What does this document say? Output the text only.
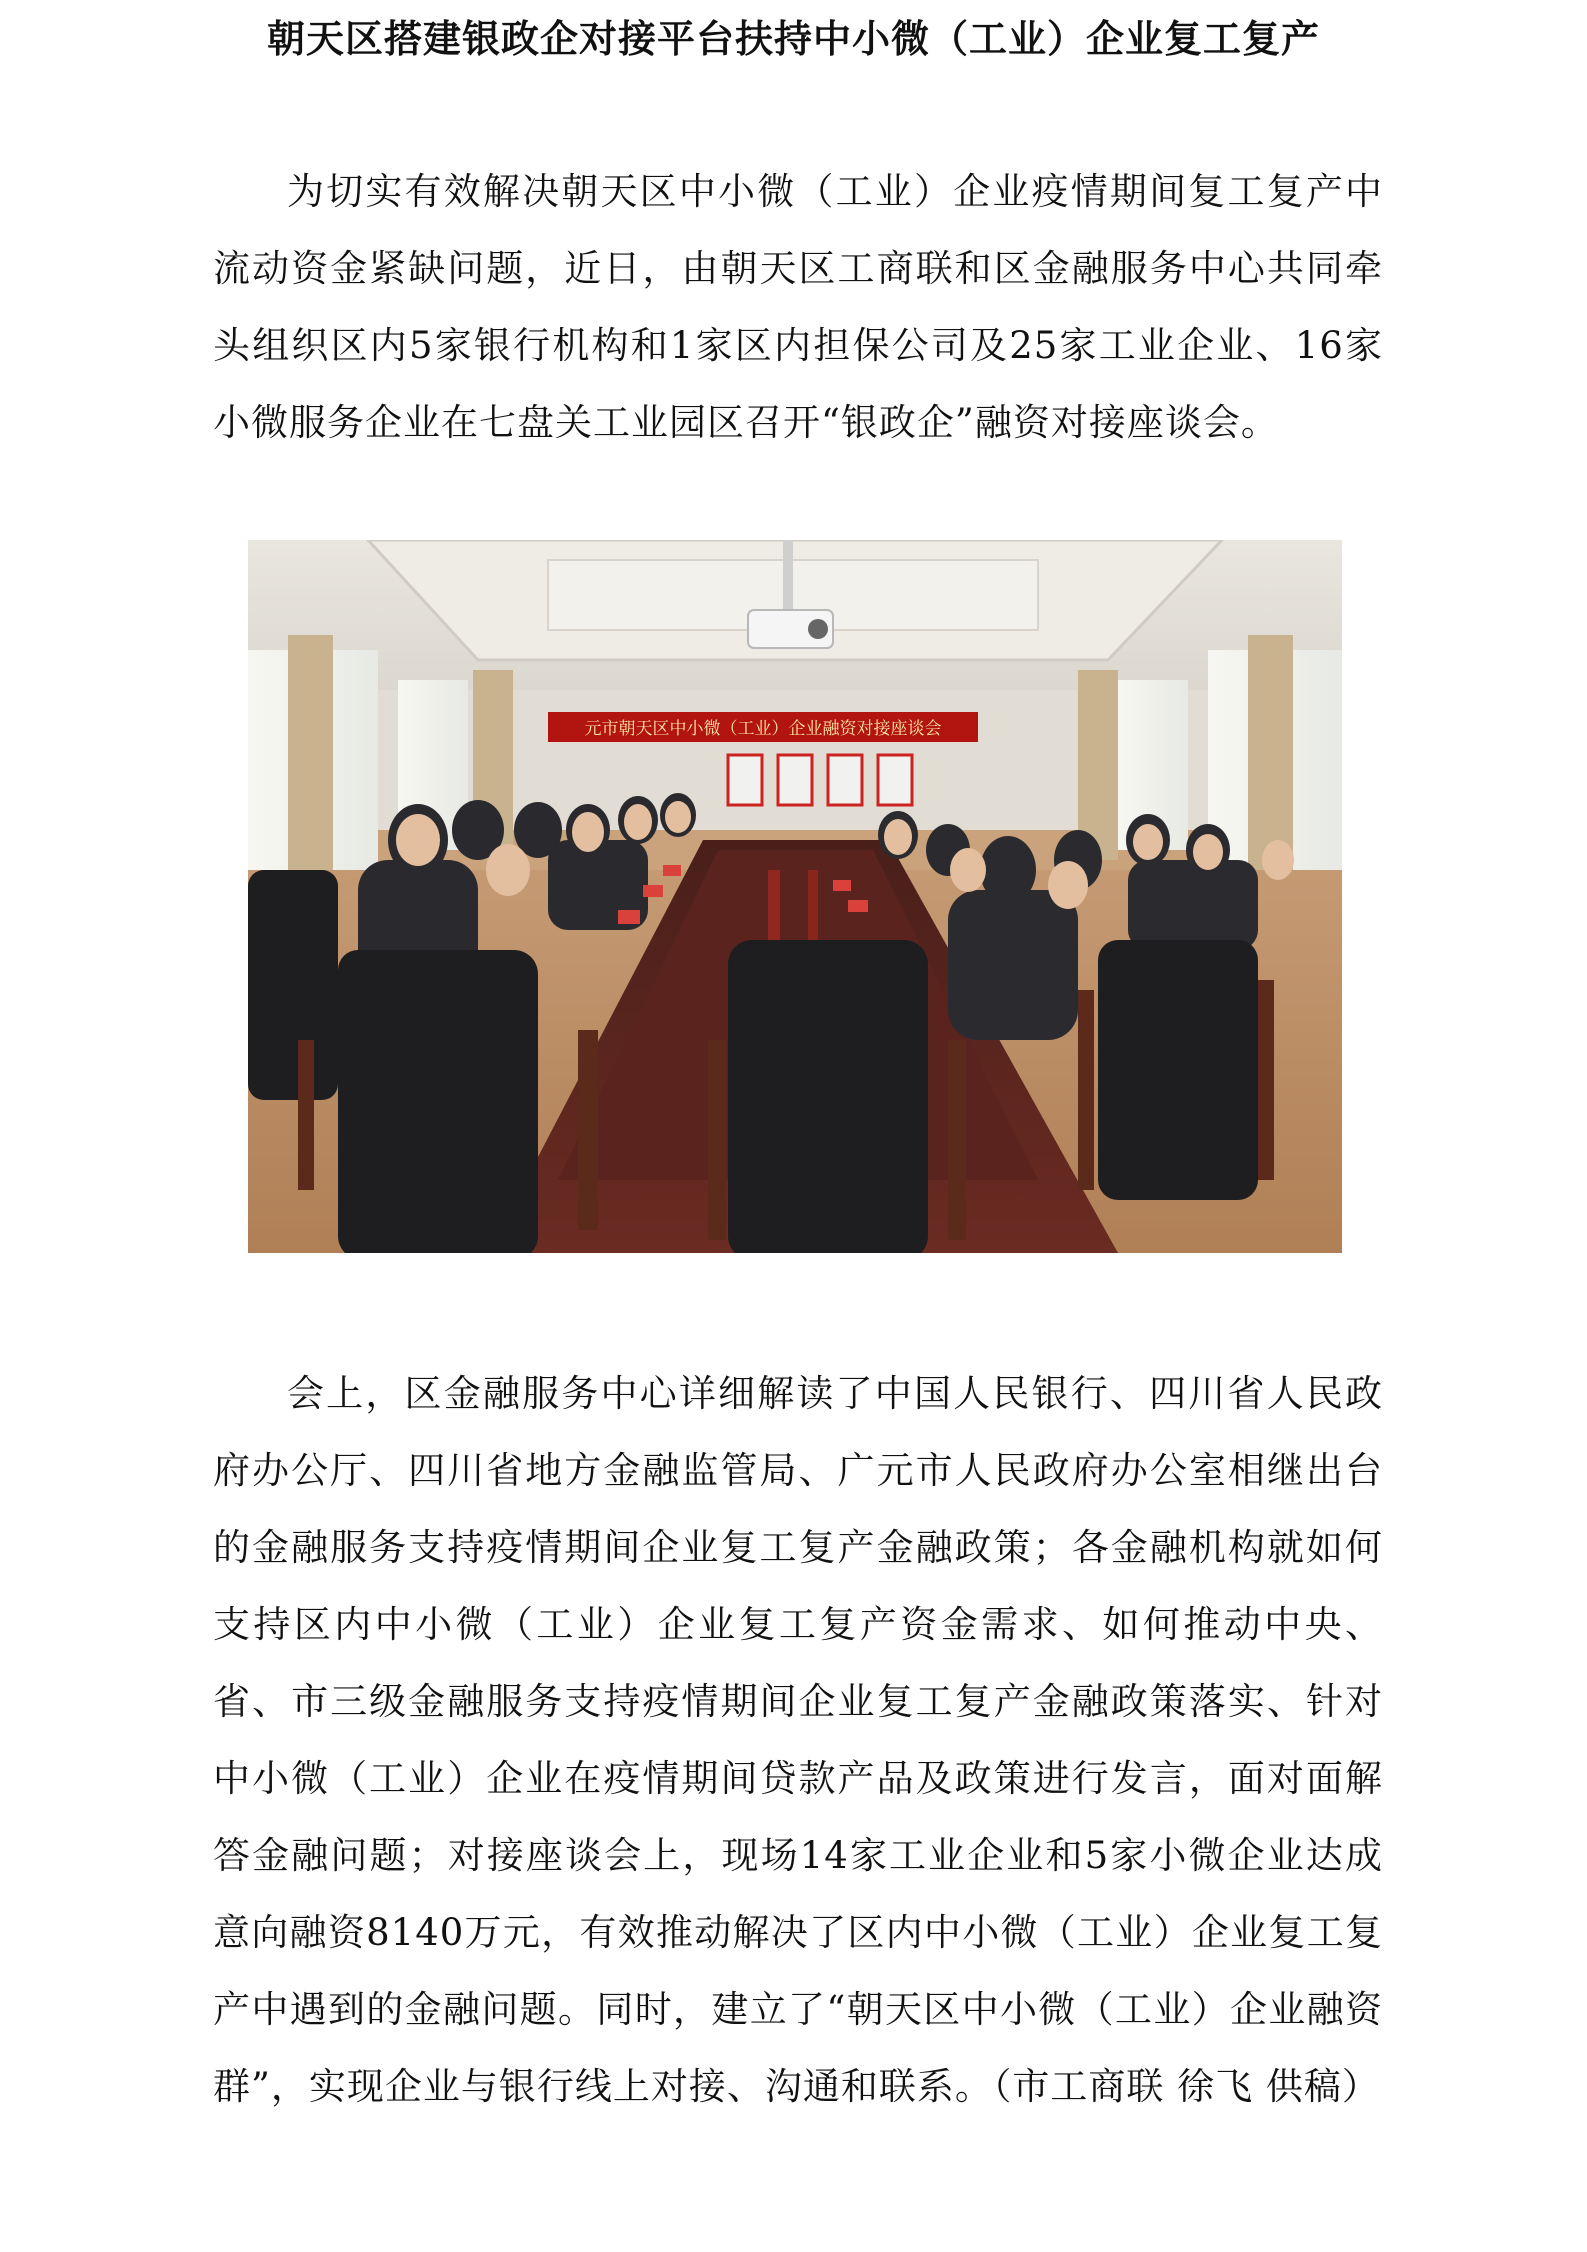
朝天区搭建银政企对接平台扶持中小微（工业）企业复工复产

为切实有效解决朝天区中小微（工业）企业疫情期间复工复产中流动资金紧缺问题，近日，由朝天区工商联和区金融服务中心共同牵头组织区内5家银行机构和1家区内担保公司及25家工业企业、16家小微服务企业在七盘关工业园区召开“银政企”融资对接座谈会。

元市朝天区中小微（工业）企业融资对接座谈会

会上，区金融服务中心详细解读了中国人民银行、四川省人民政府办公厅、四川省地方金融监管局、广元市人民政府办公室相继出台的金融服务支持疫情期间企业复工复产金融政策；各金融机构就如何支持区内中小微（工业）企业复工复产资金需求、如何推动中央、省、市三级金融服务支持疫情期间企业复工复产金融政策落实、针对中小微（工业）企业在疫情期间贷款产品及政策进行发言，面对面解答金融问题；对接座谈会上，现场14家工业企业和5家小微企业达成意向融资8140万元，有效推动解决了区内中小微（工业）企业复工复产中遇到的金融问题。同时，建立了“朝天区中小微（工业）企业融资群”，实现企业与银行线上对接、沟通和联系。（市工商联 徐飞 供稿）
